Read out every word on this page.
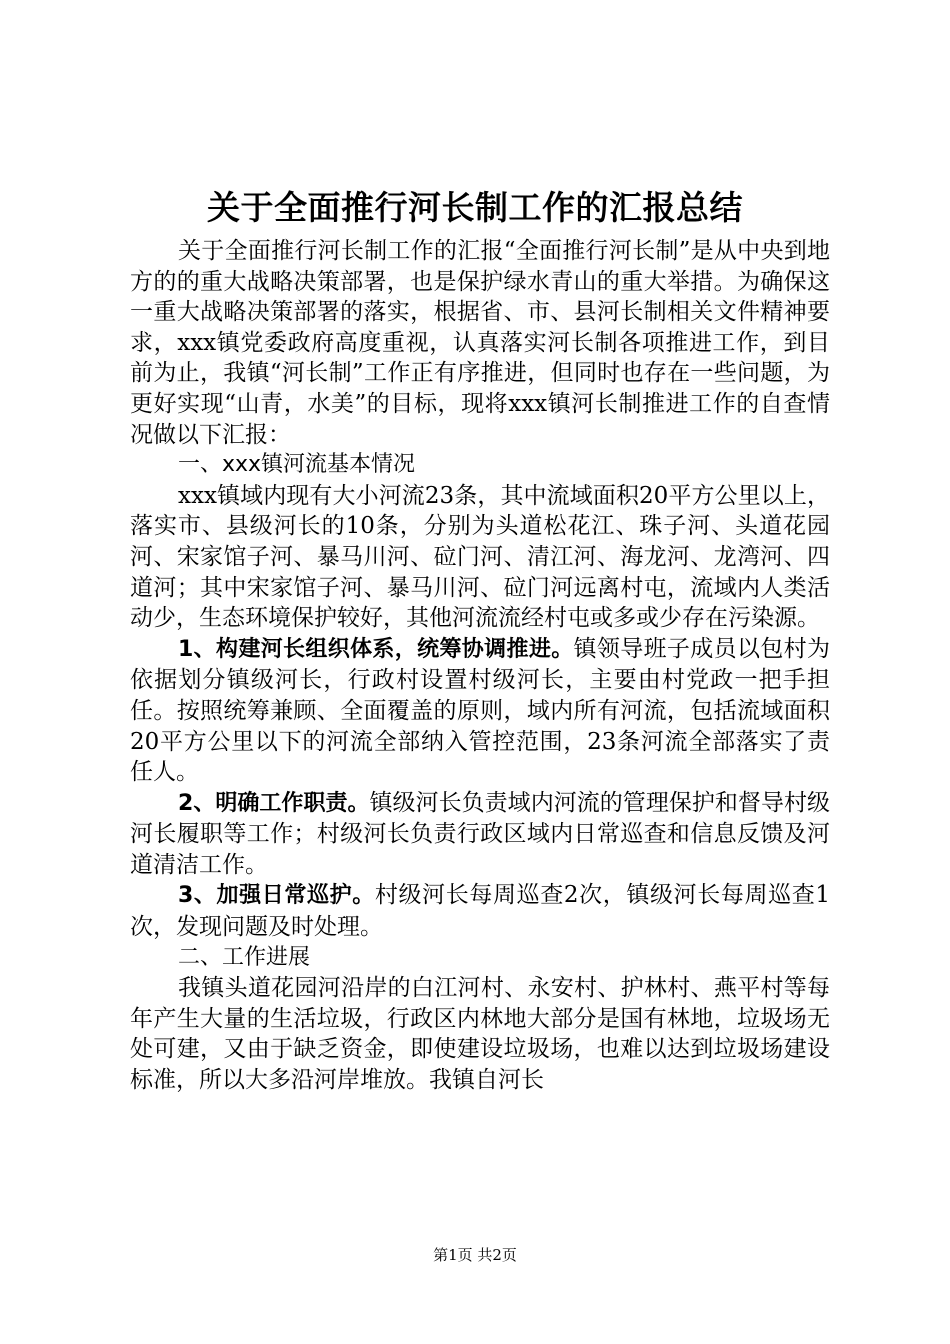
关于全面推行河长制工作的汇报总结

关于全面推行河长制工作的汇报“全面推行河长制”是从中央到地方的的重大战略决策部署，也是保护绿水青山的重大举措。为确保这一重大战略决策部署的落实，根据省、市、县河长制相关文件精神要求，xxx镇党委政府高度重视，认真落实河长制各项推进工作，到目前为止，我镇“河长制”工作正有序推进，但同时也存在一些问题，为更好实现“山青，水美”的目标，现将xxx镇河长制推进工作的自查情况做以下汇报：

一、xxx镇河流基本情况

xxx镇域内现有大小河流23条，其中流域面积20平方公里以上，落实市、县级河长的10条，分别为头道松花江、珠子河、头道花园河、宋家馆子河、暴马川河、砬门河、清江河、海龙河、龙湾河、四道河；其中宋家馆子河、暴马川河、砬门河远离村屯，流域内人类活动少，生态环境保护较好，其他河流流经村屯或多或少存在污染源。

1、构建河长组织体系，统筹协调推进。镇领导班子成员以包村为依据划分镇级河长，行政村设置村级河长，主要由村党政一把手担任。按照统筹兼顾、全面覆盖的原则，域内所有河流，包括流域面积20平方公里以下的河流全部纳入管控范围，23条河流全部落实了责任人。

2、明确工作职责。镇级河长负责域内河流的管理保护和督导村级河长履职等工作；村级河长负责行政区域内日常巡查和信息反馈及河道清洁工作。

3、加强日常巡护。村级河长每周巡查2次，镇级河长每周巡查1次，发现问题及时处理。

二、工作进展

我镇头道花园河沿岸的白江河村、永安村、护林村、燕平村等每年产生大量的生活垃圾，行政区内林地大部分是国有林地，垃圾场无处可建，又由于缺乏资金，即使建设垃圾场，也难以达到垃圾场建设标准，所以大多沿河岸堆放。我镇自河长

第1页 共2页
